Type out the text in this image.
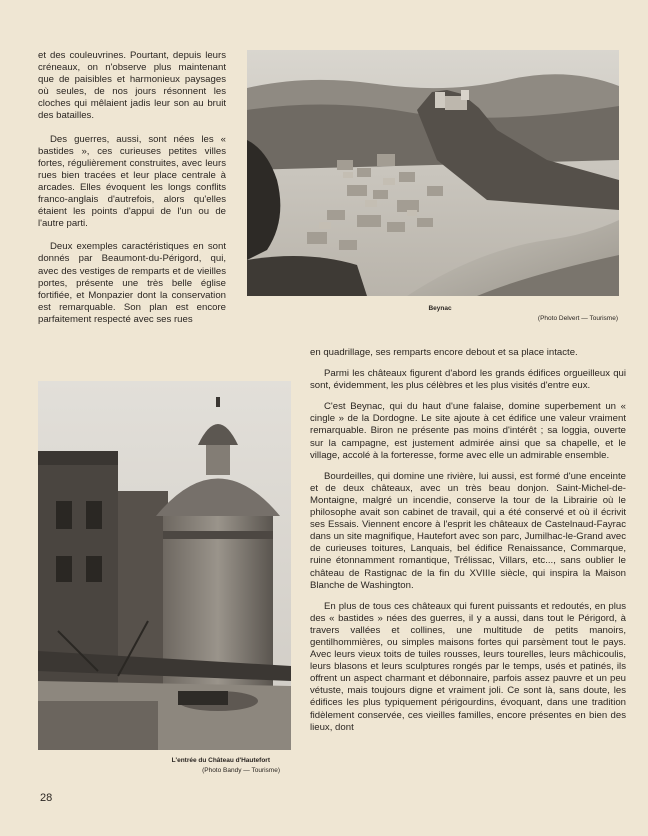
et des couleuvrines. Pourtant, depuis leurs créneaux, on n'observe plus maintenant que de paisibles et harmonieux paysages où seules, de nos jours résonnent les cloches qui mêlaient jadis leur son au bruit des batailles.

Des guerres, aussi, sont nées les « bastides », ces curieuses petites villes fortes, régulièrement construites, avec leurs rues bien tracées et leur place centrale à arcades. Elles évoquent les longs conflits franco-anglais d'autrefois, alors qu'elles étaient les points d'appui de l'un ou de l'autre parti.

Deux exemples caractéristiques en sont donnés par Beaumont-du-Périgord, qui, avec des vestiges de remparts et de vieilles portes, présente une très belle église fortifiée, et Monpazier dont la conservation est remarquable. Son plan est encore parfaitement respecté avec ses rues

Beynac
(Photo Delvert — Tourisme)
L'entrée du Château d'Hautefort
(Photo Bandy — Tourisme)

en quadrillage, ses remparts encore debout et sa place intacte.

Parmi les châteaux figurent d'abord les grands édifices orgueilleux qui sont, évidemment, les plus célèbres et les plus visités d'entre eux.

C'est Beynac, qui du haut d'une falaise, domine superbement un « cingle » de la Dordogne. Le site ajoute à cet édifice une valeur vraiment remarquable. Biron ne présente pas moins d'intérêt ; sa loggia, ouverte sur la campagne, est justement admirée ainsi que sa chapelle, et le village, accolé à la forteresse, forme avec elle un admirable ensemble.

Bourdeilles, qui domine une rivière, lui aussi, est formé d'une enceinte et de deux châteaux, avec un très beau donjon. Saint-Michel-de-Montaigne, malgré un incendie, conserve la tour de la Librairie où le philosophe avait son cabinet de travail, qui a été conservé et où il écrivit ses Essais. Viennent encore à l'esprit les châteaux de Castelnaud-Fayrac dans un site magnifique, Hautefort avec son parc, Jumilhac-le-Grand avec de curieuses toitures, Lanquais, bel édifice Renaissance, Commarque, ruine étonnamment romantique, Trélissac, Villars, etc..., sans oublier le château de Rastignac de la fin du XVIIIe siècle, qui inspira la Maison Blanche de Washington.

En plus de tous ces châteaux qui furent puissants et redoutés, en plus des « bastides » nées des guerres, il y a aussi, dans tout le Périgord, à travers vallées et collines, une multitude de petits manoirs, gentilhommières, ou simples maisons fortes qui parsèment tout le pays. Avec leurs vieux toits de tuiles rousses, leurs tourelles, leurs mâchicoulis, leurs blasons et leurs sculptures rongés par le temps, usés et patinés, ils offrent un aspect charmant et débonnaire, parfois assez pauvre et un peu vétuste, mais toujours digne et vraiment joli. Ce sont là, sans doute, les édifices les plus typiquement périgourdins, évoquant, dans une tradition fidèlement conservée, ces vieilles familles, encore présentes en bien des lieux, dont

28
